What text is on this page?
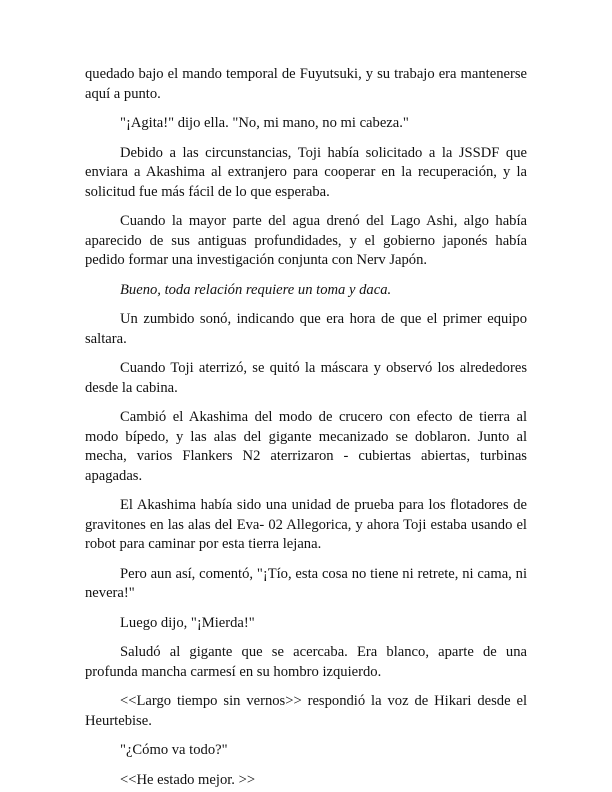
quedado bajo el mando temporal de Fuyutsuki, y su trabajo era mantenerse aquí a punto.

"¡Agita!" dijo ella. "No, mi mano, no mi cabeza."

Debido a las circunstancias, Toji había solicitado a la JSSDF que enviara a Akashima al extranjero para cooperar en la recuperación, y la solicitud fue más fácil de lo que esperaba.

Cuando la mayor parte del agua drenó del Lago Ashi, algo había aparecido de sus antiguas profundidades, y el gobierno japonés había pedido formar una investigación conjunta con Nerv Japón.

Bueno, toda relación requiere un toma y daca.

Un zumbido sonó, indicando que era hora de que el primer equipo saltara.

Cuando Toji aterrizó, se quitó la máscara y observó los alrededores desde la cabina.

Cambió el Akashima del modo de crucero con efecto de tierra al modo bípedo, y las alas del gigante mecanizado se doblaron. Junto al mecha, varios Flankers N2 aterrizaron - cubiertas abiertas, turbinas apagadas.

El Akashima había sido una unidad de prueba para los flotadores de gravitones en las alas del Eva- 02 Allegorica, y ahora Toji estaba usando el robot para caminar por esta tierra lejana.

Pero aun así, comentó, "¡Tío, esta cosa no tiene ni retrete, ni cama, ni nevera!"

Luego dijo, "¡Mierda!"

Saludó al gigante que se acercaba. Era blanco, aparte de una profunda mancha carmesí en su hombro izquierdo.

<<Largo tiempo sin vernos>> respondió la voz de Hikari desde el Heurtebise.

"¿Cómo va todo?"

<<He estado mejor. >>
